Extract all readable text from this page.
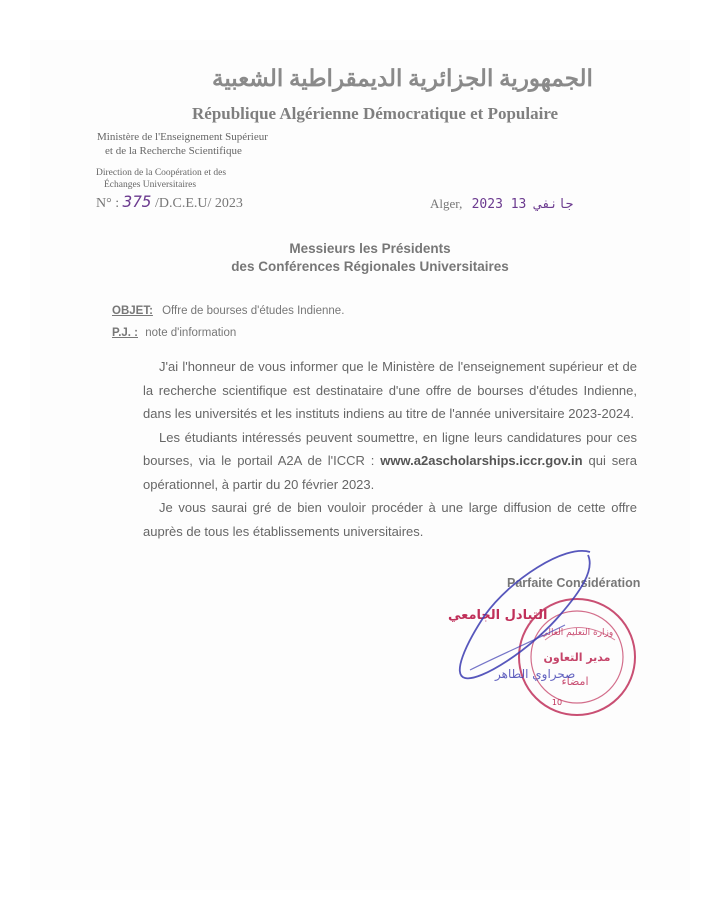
الجمهورية الجزائرية الديمقراطية الشعبية
République Algérienne Démocratique et Populaire
Ministère de l'Enseignement Supérieur
et de la Recherche Scientifique
Direction de la Coopération et des
Échanges Universitaires
N° : 375 /D.C.E.U/ 2023	Alger, 2023 جانفي 13
Messieurs les Présidents
des Conférences Régionales Universitaires
OBJET: Offre de bourses d'études Indienne.
P.J. : note d'information

J'ai l'honneur de vous informer que le Ministère de l'enseignement supérieur et de la recherche scientifique est destinataire d'une offre de bourses d'études Indienne, dans les universités et les instituts indiens au titre de l'année universitaire 2023-2024.

Les étudiants intéressés peuvent soumettre, en ligne leurs candidatures pour ces bourses, via le portail A2A de l'ICCR : www.a2ascholarships.iccr.gov.in qui sera opérationnel, à partir du 20 février 2023.

Je vous saurai gré de bien vouloir procéder à une large diffusion de cette offre auprès de tous les établissements universitaires.

Parfaite Considération
وزارة التعليم العالي
مدير التعاون
امضاء
10
التبادل الجامعي
صحراوي الطاهر
